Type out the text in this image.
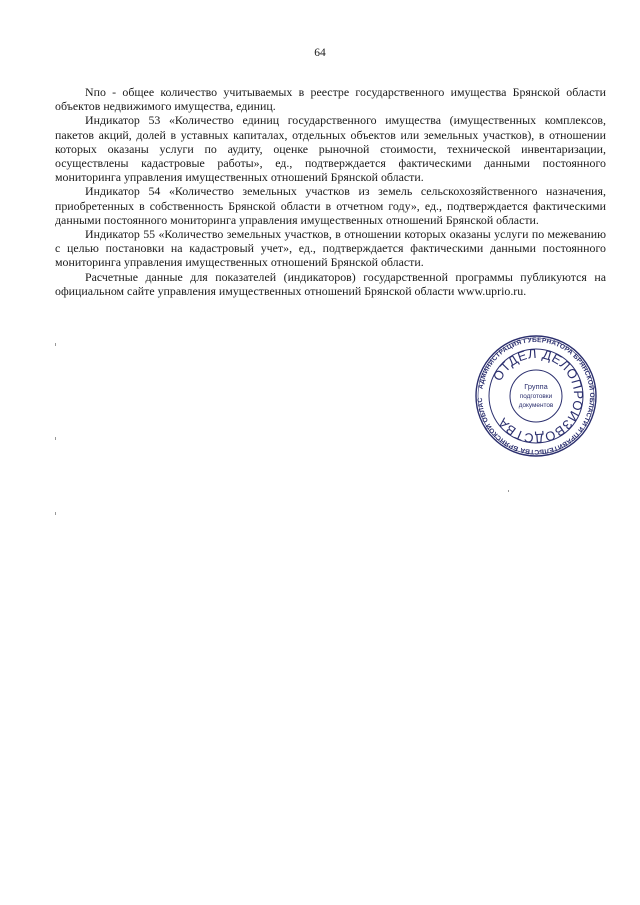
64

Nпо - общее количество учитываемых в реестре государственного имущества Брянской области объектов недвижимого имущества, единиц.

Индикатор 53 «Количество единиц государственного имущества (имущественных комплексов, пакетов акций, долей в уставных капиталах, отдельных объектов или земельных участков), в отношении которых оказаны услуги по аудиту, оценке рыночной стоимости, технической инвентаризации, осуществлены кадастровые работы», ед., подтверждается фактическими данными постоянного мониторинга управления имущественных отношений Брянской области.

Индикатор 54 «Количество земельных участков из земель сельскохозяйственного назначения, приобретенных в собственность Брянской области в отчетном году», ед., подтверждается фактическими данными постоянного мониторинга управления имущественных отношений Брянской области.

Индикатор 55 «Количество земельных участков, в отношении которых оказаны услуги по межеванию с целью постановки на кадастровый учет», ед., подтверждается фактическими данными постоянного мониторинга управления имущественных отношений Брянской области.

Расчетные данные для показателей (индикаторов) государственной программы публикуются на официальном сайте управления имущественных отношений Брянской области www.uprio.ru.

АДМИНИСТРАЦИЯ ГУБЕРНАТОРА БРЯНСКОЙ ОБЛАСТИ И ПРАВИТЕЛЬСТВА БРЯНСКОЙ ОБЛАС
ОТДЕЛ ДЕЛОПРОИЗВОДСТВА
Группа
подготовки
документов
